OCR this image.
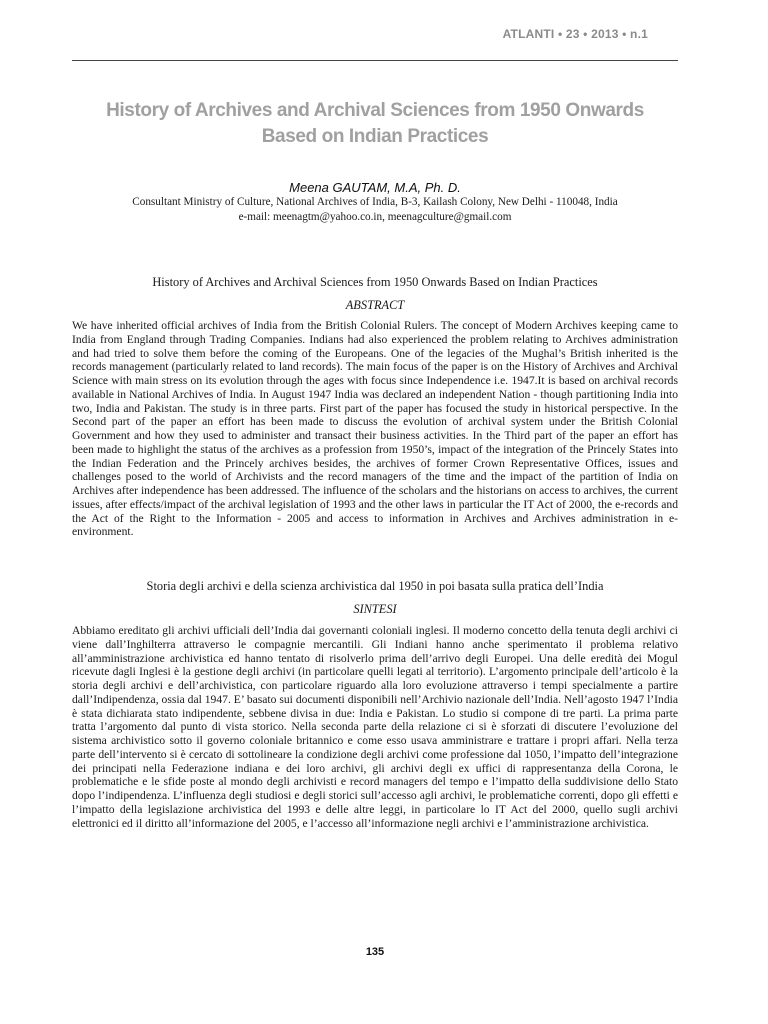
ATLANTI • 23 • 2013 • n.1
History of Archives and Archival Sciences from 1950 Onwards
Based on Indian Practices
Meena GAUTAM, M.A, Ph. D.
Consultant Ministry of Culture, National Archives of India, B-3, Kailash Colony, New Delhi - 110048, India
e-mail: meenagtm@yahoo.co.in, meenagculture@gmail.com
History of Archives and Archival Sciences from 1950 Onwards Based on Indian Practices
ABSTRACT
We have inherited official archives of India from the British Colonial Rulers. The concept of Modern Archives keeping came to India from England through Trading Companies. Indians had also experienced the problem relating to Archives administration and had tried to solve them before the coming of the Europeans. One of the legacies of the Mughal’s British inherited is the records management (particularly related to land records). The main focus of the paper is on the History of Archives and Archival Science with main stress on its evolution through the ages with focus since Independence i.e. 1947.It is based on archival records available in National Archives of India. In August 1947 India was declared an independent Nation - though partitioning India into two, India and Pakistan. The study is in three parts. First part of the paper has focused the study in historical perspective. In the Second part of the paper an effort has been made to discuss the evolution of archival system under the British Colonial Government and how they used to administer and transact their business activities. In the Third part of the paper an effort has been made to highlight the status of the archives as a profession from 1950’s, impact of the integration of the Princely States into the Indian Federation and the Princely archives besides, the archives of former Crown Representative Offices, issues and challenges posed to the world of Archivists and the record managers of the time and the impact of the partition of India on Archives after independence has been addressed. The influence of the scholars and the historians on access to archives, the current issues, after effects/impact of the archival legislation of 1993 and the other laws in particular the IT Act of 2000, the e-records and the Act of the Right to the Information - 2005 and access to information in Archives and Archives administration in e-environment.
Storia degli archivi e della scienza archivistica dal 1950 in poi basata sulla pratica dell’India
SINTESI
Abbiamo ereditato gli archivi ufficiali dell’India dai governanti coloniali inglesi. Il moderno concetto della tenuta degli archivi ci viene dall’Inghilterra attraverso le compagnie mercantili. Gli Indiani hanno anche sperimentato il problema relativo all’amministrazione archivistica ed hanno tentato di risolverlo prima dell’arrivo degli Europei. Una delle eredità dei Mogul ricevute dagli Inglesi è la gestione degli archivi (in particolare quelli legati al territorio). L’argomento principale dell’articolo è la storia degli archivi e dell’archivistica, con particolare riguardo alla loro evoluzione attraverso i tempi specialmente a partire dall’Indipendenza, ossia dal 1947. E’ basato sui documenti disponibili nell’Archivio nazionale dell’India. Nell’agosto 1947 l’India è stata dichiarata stato indipendente, sebbene divisa in due: India e Pakistan. Lo studio si compone di tre parti. La prima parte tratta l’argomento dal punto di vista storico. Nella seconda parte della relazione ci si è sforzati di discutere l’evoluzione del sistema archivistico sotto il governo coloniale britannico e come esso usava amministrare e trattare i propri affari. Nella terza parte dell’intervento si è cercato di sottolineare la condizione degli archivi come professione dal 1050, l’impatto dell’integrazione dei principati nella Federazione indiana e dei loro archivi, gli archivi degli ex uffici di rappresentanza della Corona, le problematiche e le sfide poste al mondo degli archivisti e record managers del tempo e l’impatto della suddivisione dello Stato dopo l’indipendenza. L’influenza degli studiosi e degli storici sull’accesso agli archivi, le problematiche correnti, dopo gli effetti e l’impatto della legislazione archivistica del 1993 e delle altre leggi, in particolare lo IT Act del 2000, quello sugli archivi elettronici ed il diritto all’informazione del 2005, e l’accesso all’informazione negli archivi e l’amministrazione archivistica.
135
